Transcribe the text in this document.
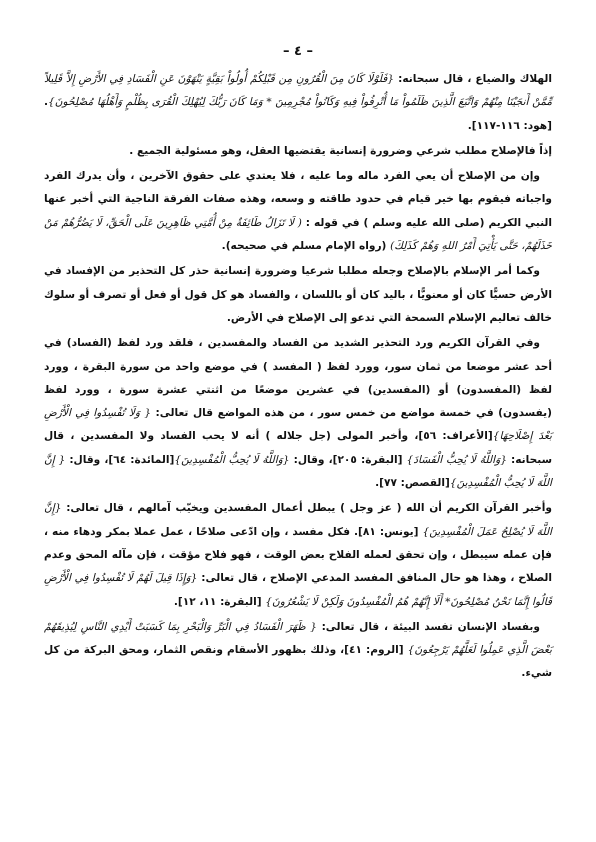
– ٤ –

الهلاك والضياع ، قال سبحانه: {فَلَوْلَا كَانَ مِنَ الْقُرُونِ مِن قَبْلِكُمْ أُولُواْ بَقِيَّةٍ يَنْهَوْنَ عَنِ الْفَسَادِ فِي الأَرْضِ إِلاَّ قَلِيلاً مِّمَّنْ أَنجَيْنَا مِنْهُمْ وَاتَّبَعَ الَّذِينَ ظَلَمُواْ مَا أُتْرِفُواْ فِيهِ وَكَانُواْ مُجْرِمِينَ * وَمَا كَانَ رَبُّكَ لِيُهْلِكَ الْقُرَى بِظُلْمٍ وَأَهْلُهَا مُصْلِحُونَ}. [هود: ١١٦-١١٧].

إذاً فالإصلاح مطلب شرعي وضرورة إنسانية يقتضيها العقل، وهو مسئولية الجميع .

وإن من الإصلاح أن يعي الفرد ماله وما عليه ، فلا يعتدي على حقوق الآخرين ، وأن يدرك الفرد واجباته فيقوم بها خير قيام في حدود طاقته و وسعه، وهذه صفات الفرقة الناجية التي أخبر عنها النبي الكريم (صلى الله عليه وسلم ) في قوله : ( لَا تَزَالُ طَائِفَةٌ مِنْ أُمَّتِي ظَاهِرِينَ عَلَى الْحَقِّ، لَا يَضُرُّهُمْ مَنْ خَذَلَهُمْ، حَتَّى يَأْتِيَ أَمْرُ اللهِ وَهُمْ كَذَلِكَ) (رواه الإمام مسلم في صحيحه).

وكما أمر الإسلام بالإصلاح وجعله مطلبا شرعيا وضرورة إنسانية حذر كل التحذير من الإفساد في الأرض حسيًّا كان أو معنويًّا ، باليد كان أو باللسان ، والفساد هو كل قول أو فعل أو تصرف أو سلوك خالف تعاليم الإسلام السمحة التي تدعو إلى الإصلاح في الأرض.

وفي القرآن الكريم ورد التحذير الشديد من الفساد والمفسدين ، فلقد ورد لفظ (الفساد) في أحد عشر موضعا من ثمان سور، وورد لفظ ( المفسد ) في موضع واحد من سورة البقرة ، وورد لفظ (المفسدون) أو (المفسدين) في عشرين موضعًا من اثنتي عشرة سورة ، وورد لفظ (يفسدون) في خمسة مواضع من خمس سور ، من هذه المواضع قال تعالى: { وَلَا تُفْسِدُوا فِي الْأَرْضِ بَعْدَ إِصْلَاحِهَا}[الأعراف: ٥٦]، وأخبر المولى (جل جلاله ) أنه لا يحب الفساد ولا المفسدين ، قال سبحانه: {وَاللَّهُ لَا يُحِبُّ الْفَسَادَ} [البقرة: ٢٠٥]، وقال: {وَاللَّهُ لَا يُحِبُّ الْمُفْسِدِينَ}[المائدة: ٦٤]، وقال: { إِنَّ اللَّهَ لَا يُحِبُّ الْمُفْسِدِينَ}[القصص: ٧٧].

وأخبر القرآن الكريم أن الله ( عز وجل ) يبطل أعمال المفسدين ويخيّب آمالهم ، قال تعالى: {إِنَّ اللَّهَ لَا يُصْلِحُ عَمَلَ الْمُفْسِدِينَ} [يونس: ٨١]. فكل مفسد ، وإن ادّعى صلاحًا ، عمل عملا بمكر ودهاء منه ، فإن عمله سيبطل ، وإن تحقق لعمله الفلاح بعض الوقت ، فهو فلاح مؤقت ، فإن مآله المحق وعدم الصلاح ، وهذا هو حال المنافق المفسد المدعي الإصلاح ، قال تعالى: {وَإِذَا قِيلَ لَهُمْ لَا تُفْسِدُوا فِي الْأَرْضِ قَالُوا إِنَّمَا نَحْنُ مُصْلِحُونَ* أَلَا إِنَّهُمْ هُمُ الْمُفْسِدُونَ وَلَكِنْ لَا يَشْعُرُونَ} [البقرة: ١١، ١٢].

وبفساد الإنسان تفسد البيئة ، قال تعالى: { ظَهَرَ الْفَسَادُ فِي الْبَرِّ وَالْبَحْرِ بِمَا كَسَبَتْ أَيْدِي النَّاسِ لِيُذِيقَهُمْ بَعْضَ الَّذِي عَمِلُوا لَعَلَّهُمْ يَرْجِعُونَ} [الروم: ٤١]، وذلك بظهور الأسقام ونقص الثمار، ومحق البركة من كل شيء.
